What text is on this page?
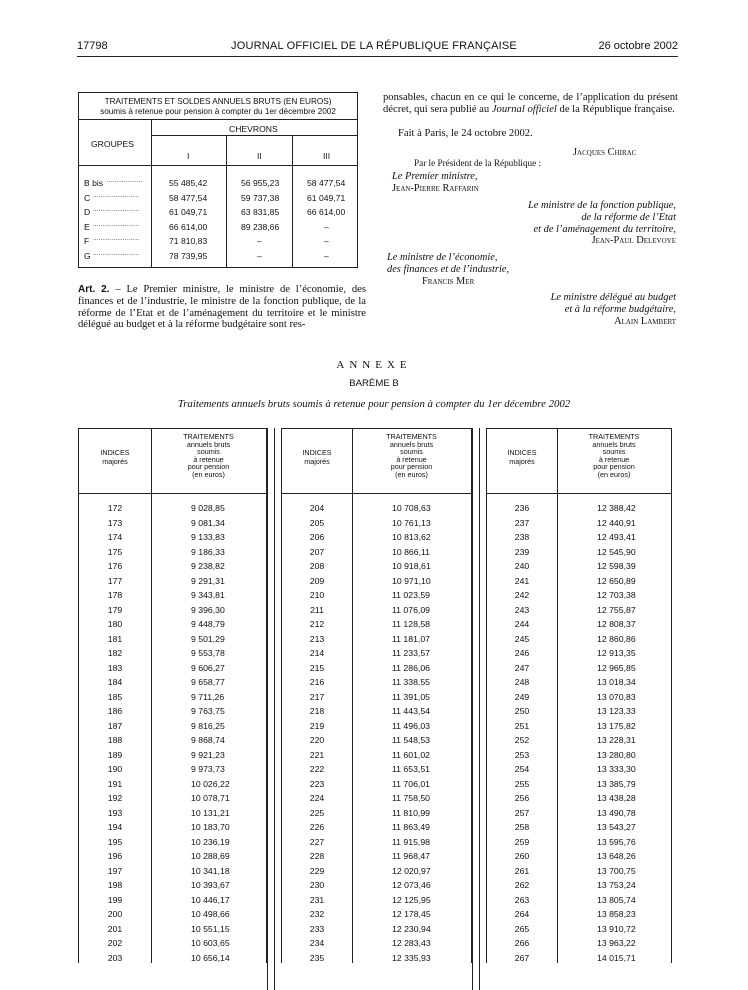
17798	JOURNAL OFFICIEL DE LA RÉPUBLIQUE FRANÇAISE	26 octobre 2002
TRAITEMENTS ET SOLDES ANNUELS BRUTS (EN EUROS)
soumis à retenue pour pension à compter du 1er décembre 2002
GROUPES
CHEVRONS
I	II	III
B bis ...................	55 485,42	56 955,23	58 477,54
C .........................	58 477,54	59 737,38	61 049,71
D .........................	61 049,71	63 831,85	66 614,00
E .........................	66 614,00	89 238,66	–
F .........................	71 810,83	–	–
G .........................	78 739,95	–	–
Art. 2. – Le Premier ministre, le ministre de l’économie, des finances et de l’industrie, le ministre de la fonction publique, de la réforme de l’Etat et de l’aménagement du territoire et le ministre délégué au budget et à la réforme budgétaire sont res-
ponsables, chacun en ce qui le concerne, de l’application du présent décret, qui sera publié au Journal officiel de la République française.
Fait à Paris, le 24 octobre 2002.
Jacques Chirac
Par le Président de la République :
Le Premier ministre,
Jean-Pierre Raffarin
Le ministre de la fonction publique,
de la réforme de l’Etat
et de l’aménagement du territoire,
Jean-Paul Delevoye
Le ministre de l’économie,
des finances et de l’industrie,
Francis Mer
Le ministre délégué au budget
et à la réforme budgétaire,
Alain Lambert
ANNEXE
BARÈME B
Traitements annuels bruts soumis à retenue pour pension à compter du 1er décembre 2002
INDICES
majorés
TRAITEMENTS
annuels bruts
soumis
à retenue
pour pension
(en euros)
172	9 028,85
173	9 081,34
174	9 133,83
175	9 186,33
176	9 238,82
177	9 291,31
178	9 343,81
179	9 396,30
180	9 448,79
181	9 501,29
182	9 553,78
183	9 606,27
184	9 658,77
185	9 711,26
186	9 763,75
187	9 816,25
188	9 868,74
189	9 921,23
190	9 973,73
191	10 026,22
192	10 078,71
193	10 131,21
194	10 183,70
195	10 236,19
196	10 288,69
197	10 341,18
198	10 393,67
199	10 446,17
200	10 498,66
201	10 551,15
202	10 603,65
203	10 656,14
INDICES
majorés
TRAITEMENTS
annuels bruts
soumis
à retenue
pour pension
(en euros)
204	10 708,63
205	10 761,13
206	10 813,62
207	10 866,11
208	10 918,61
209	10 971,10
210	11 023,59
211	11 076,09
212	11 128,58
213	11 181,07
214	11 233,57
215	11 286,06
216	11 338,55
217	11 391,05
218	11 443,54
219	11 496,03
220	11 548,53
221	11 601,02
222	11 653,51
223	11 706,01
224	11 758,50
225	11 810,99
226	11 863,49
227	11 915,98
228	11 968,47
229	12 020,97
230	12 073,46
231	12 125,95
232	12 178,45
233	12 230,94
234	12 283,43
235	12 335,93
INDICES
majorés
TRAITEMENTS
annuels bruts
soumis
à retenue
pour pension
(en euros)
236	12 388,42
237	12 440,91
238	12 493,41
239	12 545,90
240	12 598,39
241	12 650,89
242	12 703,38
243	12 755,87
244	12 808,37
245	12 860,86
246	12 913,35
247	12 965,85
248	13 018,34
249	13 070,83
250	13 123,33
251	13 175,82
252	13 228,31
253	13 280,80
254	13 333,30
255	13 385,79
256	13 438,28
257	13 490,78
258	13 543,27
259	13 595,76
260	13 648,26
261	13 700,75
262	13 753,24
263	13 805,74
264	13 858,23
265	13 910,72
266	13 963,22
267	14 015,71
